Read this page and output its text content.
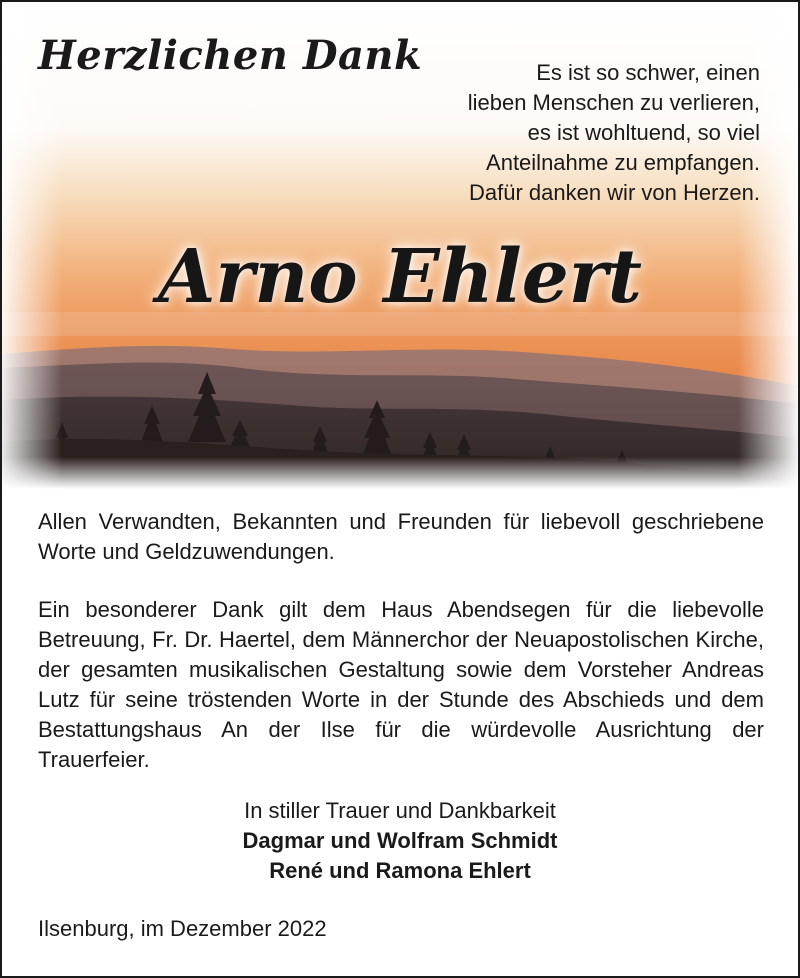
Herzlichen Dank	Es ist so schwer, einen
lieben Menschen zu verlieren,
es ist wohltuend, so viel
Anteilnahme zu empfangen.
Dafür danken wir von Herzen.
Arno Ehlert

Allen Verwandten, Bekannten und Freunden für liebevoll geschriebene Worte und Geldzuwendungen.

Ein besonderer Dank gilt dem Haus Abendsegen für die liebevolle Betreuung, Fr. Dr. Haertel, dem Männerchor der Neuapostolischen Kirche, der gesamten musikalischen Gestaltung sowie dem Vorsteher Andreas Lutz für seine tröstenden Worte in der Stunde des Abschieds und dem Bestattungshaus An der Ilse für die würdevolle Ausrichtung der Trauerfeier.

In stiller Trauer und Dankbarkeit
Dagmar und Wolfram Schmidt
René und Ramona Ehlert

Ilsenburg, im Dezember 2022
